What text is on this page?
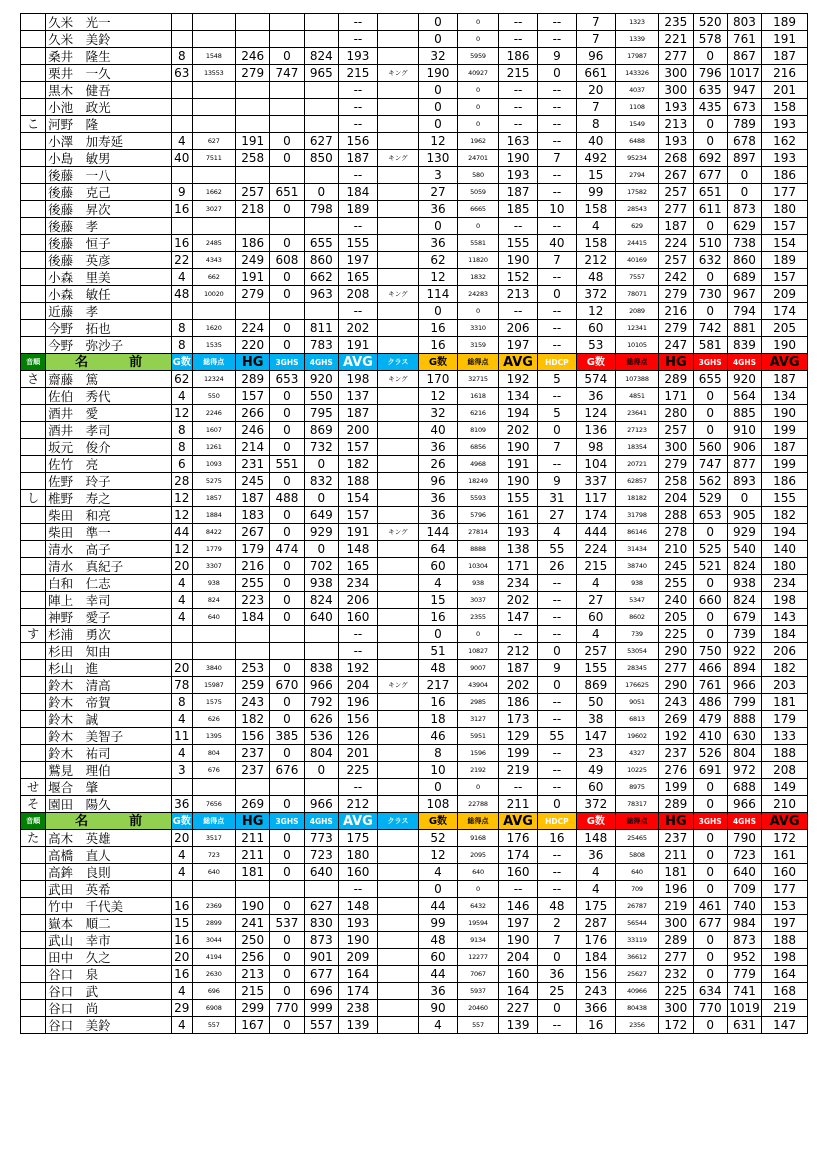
	久米　光一						--		0	0	--	--	7	1323	235	520	803	189
	久米　美鈴						--		0	0	--	--	7	1339	221	578	761	191
	桑井　隆生	8	1548	246	0	824	193		32	5959	186	9	96	17987	277	0	867	187
	栗井　一久	63	13553	279	747	965	215	キング	190	40927	215	0	661	143326	300	796	1017	216
	黒木　健吾						--		0	0	--	--	20	4037	300	635	947	201
	小池　政光						--		0	0	--	--	7	1108	193	435	673	158
こ	河野　隆						--		0	0	--	--	8	1549	213	0	789	193
	小澤　加寿延	4	627	191	0	627	156		12	1962	163	--	40	6488	193	0	678	162
	小島　敏男	40	7511	258	0	850	187	キング	130	24701	190	7	492	95234	268	692	897	193
	後藤　一八						--		3	580	193	--	15	2794	267	677	0	186
	後藤　克己	9	1662	257	651	0	184		27	5059	187	--	99	17582	257	651	0	177
	後藤　昇次	16	3027	218	0	798	189		36	6665	185	10	158	28543	277	611	873	180
	後藤　孝						--		0	0	--	--	4	629	187	0	629	157
	後藤　恒子	16	2485	186	0	655	155		36	5581	155	40	158	24415	224	510	738	154
	後藤　英彦	22	4343	249	608	860	197		62	11820	190	7	212	40169	257	632	860	189
	小森　里美	4	662	191	0	662	165		12	1832	152	--	48	7557	242	0	689	157
	小森　敏任	48	10020	279	0	963	208	キング	114	24283	213	0	372	78071	279	730	967	209
	近藤　孝						--		0	0	--	--	12	2089	216	0	794	174
	今野　拓也	8	1620	224	0	811	202		16	3310	206	--	60	12341	279	742	881	205
	今野　弥沙子	8	1535	220	0	783	191		16	3159	197	--	53	10105	247	581	839	190
音順	名　前	G数	総得点	HG	3GHS	4GHS	AVG	クラス	G数	総得点	AVG	HDCP	G数	総得点	HG	3GHS	4GHS	AVG
さ	齋藤　篤	62	12324	289	653	920	198	キング	170	32715	192	5	574	107388	289	655	920	187
	佐伯　秀代	4	550	157	0	550	137		12	1618	134	--	36	4851	171	0	564	134
	酒井　愛	12	2246	266	0	795	187		32	6216	194	5	124	23641	280	0	885	190
	酒井　孝司	8	1607	246	0	869	200		40	8109	202	0	136	27123	257	0	910	199
	坂元　俊介	8	1261	214	0	732	157		36	6856	190	7	98	18354	300	560	906	187
	佐竹　亮	6	1093	231	551	0	182		26	4968	191	--	104	20721	279	747	877	199
	佐野　玲子	28	5275	245	0	832	188		96	18249	190	9	337	62857	258	562	893	186
し	椎野　寿之	12	1857	187	488	0	154		36	5593	155	31	117	18182	204	529	0	155
	柴田　和亮	12	1884	183	0	649	157		36	5796	161	27	174	31798	288	653	905	182
	柴田　準一	44	8422	267	0	929	191	キング	144	27814	193	4	444	86146	278	0	929	194
	清水　高子	12	1779	179	474	0	148		64	8888	138	55	224	31434	210	525	540	140
	清水　真紀子	20	3307	216	0	702	165		60	10304	171	26	215	38740	245	521	824	180
	白和　仁志	4	938	255	0	938	234		4	938	234	--	4	938	255	0	938	234
	陣上　幸司	4	824	223	0	824	206		15	3037	202	--	27	5347	240	660	824	198
	神野　愛子	4	640	184	0	640	160		16	2355	147	--	60	8602	205	0	679	143
す	杉浦　勇次						--		0	0	--	--	4	739	225	0	739	184
	杉田　知由						--		51	10827	212	0	257	53054	290	750	922	206
	杉山　進	20	3840	253	0	838	192		48	9007	187	9	155	28345	277	466	894	182
	鈴木　清高	78	15987	259	670	966	204	キング	217	43904	202	0	869	176625	290	761	966	203
	鈴木　帝賀	8	1575	243	0	792	196		16	2985	186	--	50	9051	243	486	799	181
	鈴木　誠	4	626	182	0	626	156		18	3127	173	--	38	6813	269	479	888	179
	鈴木　美智子	11	1395	156	385	536	126		46	5951	129	55	147	19602	192	410	630	133
	鈴木　祐司	4	804	237	0	804	201		8	1596	199	--	23	4327	237	526	804	188
	鷲見　理伯	3	676	237	676	0	225		10	2192	219	--	49	10225	276	691	972	208
せ	堰合　肇						--		0	0	--	--	60	8975	199	0	688	149
そ	園田　陽久	36	7656	269	0	966	212		108	22788	211	0	372	78317	289	0	966	210
音順	名　前	G数	総得点	HG	3GHS	4GHS	AVG	クラス	G数	総得点	AVG	HDCP	G数	総得点	HG	3GHS	4GHS	AVG
た	高木　英雄	20	3517	211	0	773	175		52	9168	176	16	148	25465	237	0	790	172
	高橋　直人	4	723	211	0	723	180		12	2095	174	--	36	5808	211	0	723	161
	高鉾　良則	4	640	181	0	640	160		4	640	160	--	4	640	181	0	640	160
	武田　英希						--		0	0	--	--	4	709	196	0	709	177
	竹中　千代美	16	2369	190	0	627	148		44	6432	146	48	175	26787	219	461	740	153
	嶽本　順二	15	2899	241	537	830	193		99	19594	197	2	287	56544	300	677	984	197
	武山　幸市	16	3044	250	0	873	190		48	9134	190	7	176	33119	289	0	873	188
	田中　久之	20	4194	256	0	901	209		60	12277	204	0	184	36612	277	0	952	198
	谷口　泉	16	2630	213	0	677	164		44	7067	160	36	156	25627	232	0	779	164
	谷口　武	4	696	215	0	696	174		36	5937	164	25	243	40966	225	634	741	168
	谷口　尚	29	6908	299	770	999	238		90	20460	227	0	366	80438	300	770	1019	219
	谷口　美鈴	4	557	167	0	557	139		4	557	139	--	16	2356	172	0	631	147
